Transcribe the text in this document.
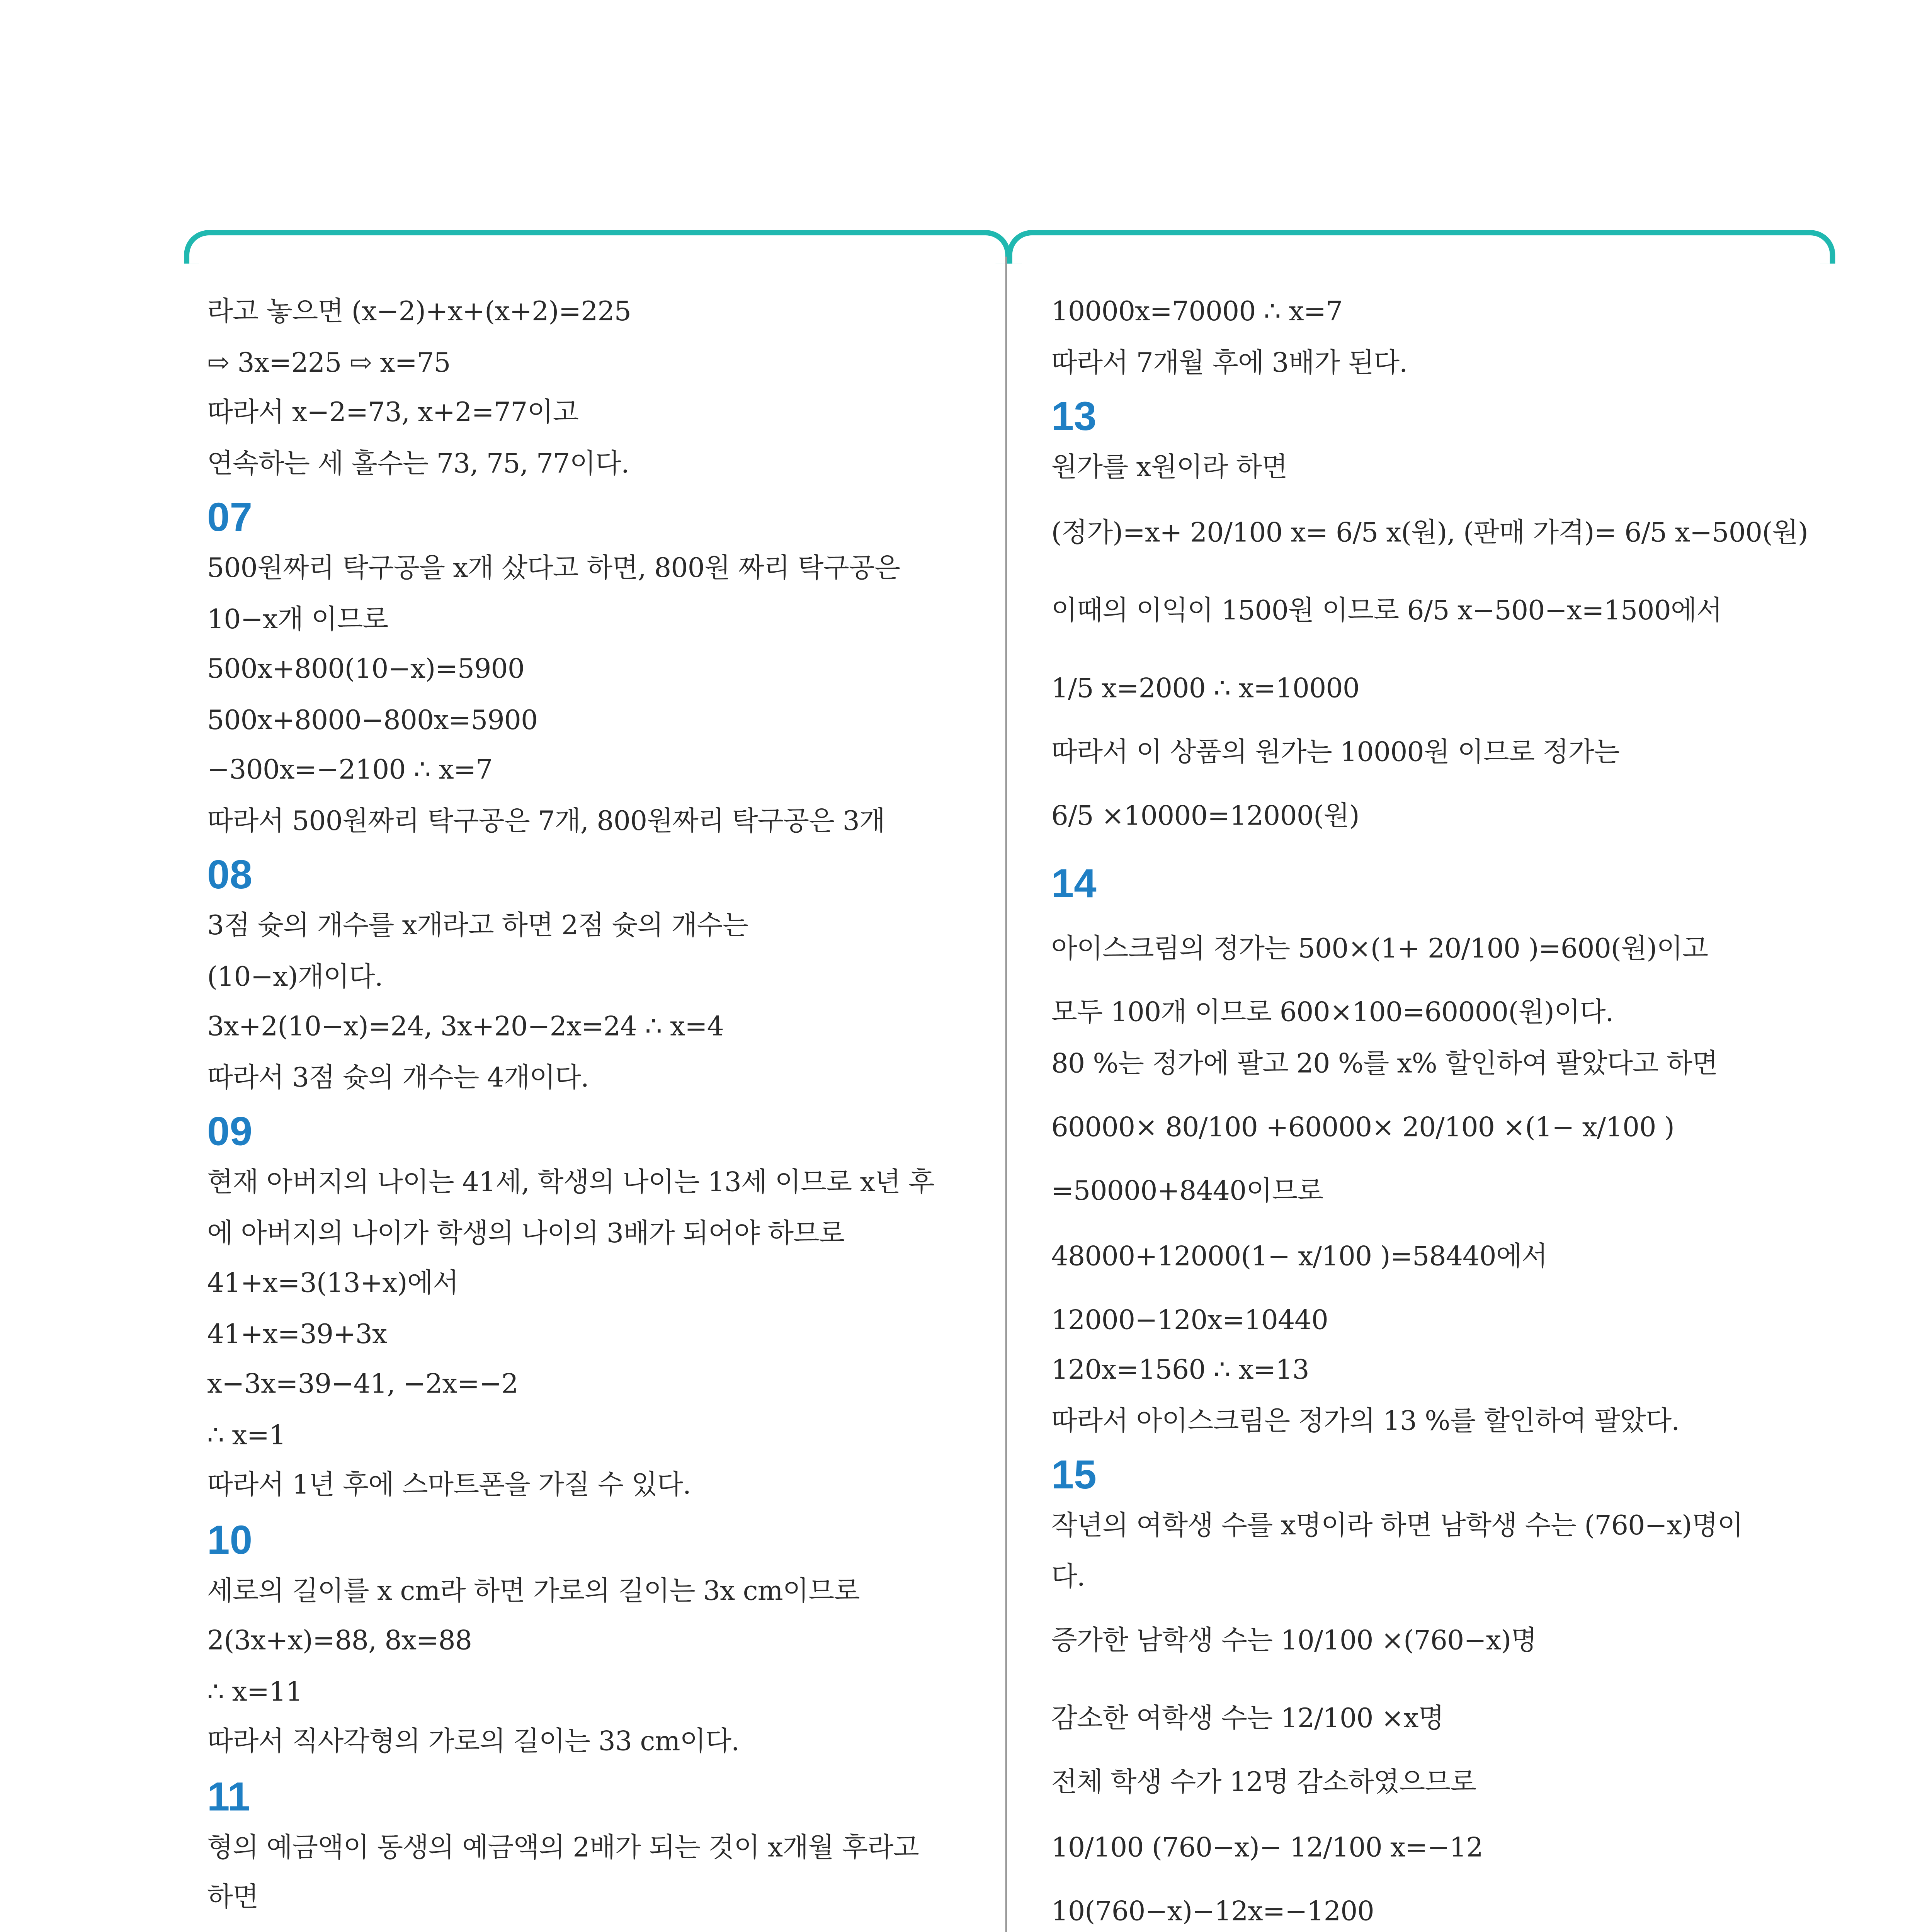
라고 놓으면 (x−2)+x+(x+2)=225
⇨ 3x=225 ⇨ x=75
따라서 x−2=73, x+2=77이고
연속하는 세 홀수는 73, 75, 77이다.
07
500원짜리 탁구공을 x개 샀다고 하면, 800원 짜리 탁구공은
10−x개 이므로
500x+800(10−x)=5900
500x+8000−800x=5900
−300x=−2100 ∴ x=7
따라서 500원짜리 탁구공은 7개, 800원짜리 탁구공은 3개
08
3점 슛의 개수를 x개라고 하면 2점 슛의 개수는
(10−x)개이다.
3x+2(10−x)=24, 3x+20−2x=24 ∴ x=4
따라서 3점 슛의 개수는 4개이다.
09
현재 아버지의 나이는 41세, 학생의 나이는 13세 이므로 x년 후
에 아버지의 나이가 학생의 나이의 3배가 되어야 하므로
41+x=3(13+x)에서
41+x=39+3x
x−3x=39−41, −2x=−2
∴ x=1
따라서 1년 후에 스마트폰을 가질 수 있다.
10
세로의 길이를 x cm라 하면 가로의 길이는 3x cm이므로
2(3x+x)=88, 8x=88
∴ x=11
따라서 직사각형의 가로의 길이는 33 cm이다.
11
형의 예금액이 동생의 예금액의 2배가 되는 것이 x개월 후라고
하면
10000x=70000 ∴ x=7
따라서 7개월 후에 3배가 된다.
13
원가를 x원이라 하면
(정가)=x+ 20/100 x= 6/5 x(원), (판매 가격)= 6/5 x−500(원)
이때의 이익이 1500원 이므로 6/5 x−500−x=1500에서
1/5 x=2000 ∴ x=10000
따라서 이 상품의 원가는 10000원 이므로 정가는
6/5 ×10000=12000(원)
14
아이스크림의 정가는 500×(1+ 20/100 )=600(원)이고
모두 100개 이므로 600×100=60000(원)이다.
80 %는 정가에 팔고 20 %를 x% 할인하여 팔았다고 하면
60000× 80/100 +60000× 20/100 ×(1− x/100 )
=50000+8440이므로
48000+12000(1− x/100 )=58440에서
12000−120x=10440
120x=1560 ∴ x=13
따라서 아이스크림은 정가의 13 %를 할인하여 팔았다.
15
작년의 여학생 수를 x명이라 하면 남학생 수는 (760−x)명이
다.
증가한 남학생 수는 10/100 ×(760−x)명
감소한 여학생 수는 12/100 ×x명
전체 학생 수가 12명 감소하였으므로
10/100 (760−x)− 12/100 x=−12
10(760−x)−12x=−1200
